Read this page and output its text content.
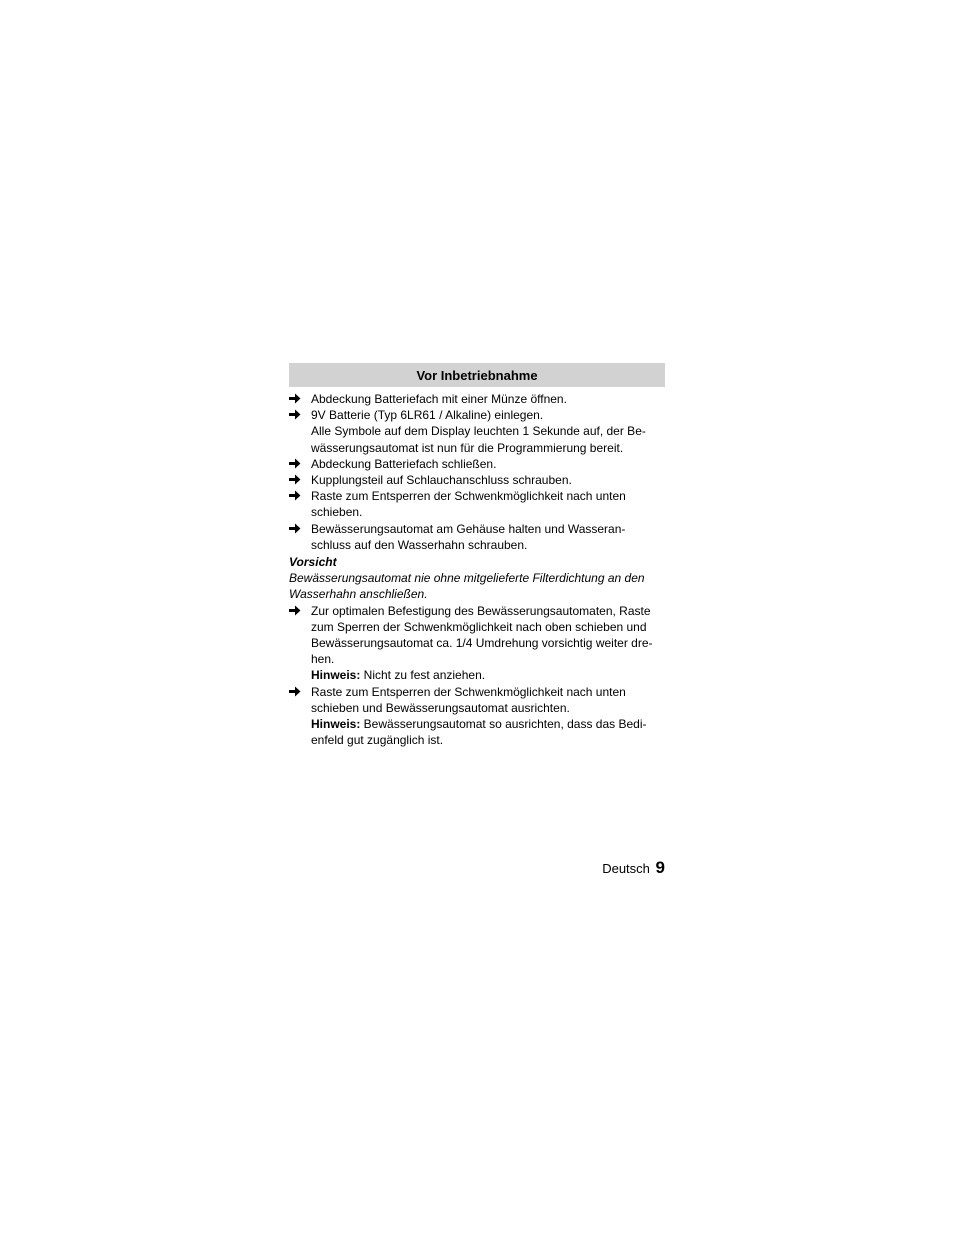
Vor Inbetriebnahme
Abdeckung Batteriefach mit einer Münze öffnen.
9V Batterie (Typ 6LR61 / Alkaline) einlegen.
Alle Symbole auf dem Display leuchten 1 Sekunde auf, der Be-
wässerungsautomat ist nun für die Programmierung bereit.
Abdeckung Batteriefach schließen.
Kupplungsteil auf Schlauchanschluss schrauben.
Raste zum Entsperren der Schwenkmöglichkeit nach unten
schieben.
Bewässerungsautomat am Gehäuse halten und Wasseran-
schluss auf den Wasserhahn schrauben.
Vorsicht
Bewässerungsautomat nie ohne mitgelieferte Filterdichtung an den
Wasserhahn anschließen.
Zur optimalen Befestigung des Bewässerungsautomaten, Raste
zum Sperren der Schwenkmöglichkeit nach oben schieben und
Bewässerungsautomat ca. 1/4 Umdrehung vorsichtig weiter dre-
hen.
Hinweis: Nicht zu fest anziehen.
Raste zum Entsperren der Schwenkmöglichkeit nach unten
schieben und Bewässerungsautomat ausrichten.
Hinweis: Bewässerungsautomat so ausrichten, dass das Bedi-
enfeld gut zugänglich ist.
Deutsch 9
